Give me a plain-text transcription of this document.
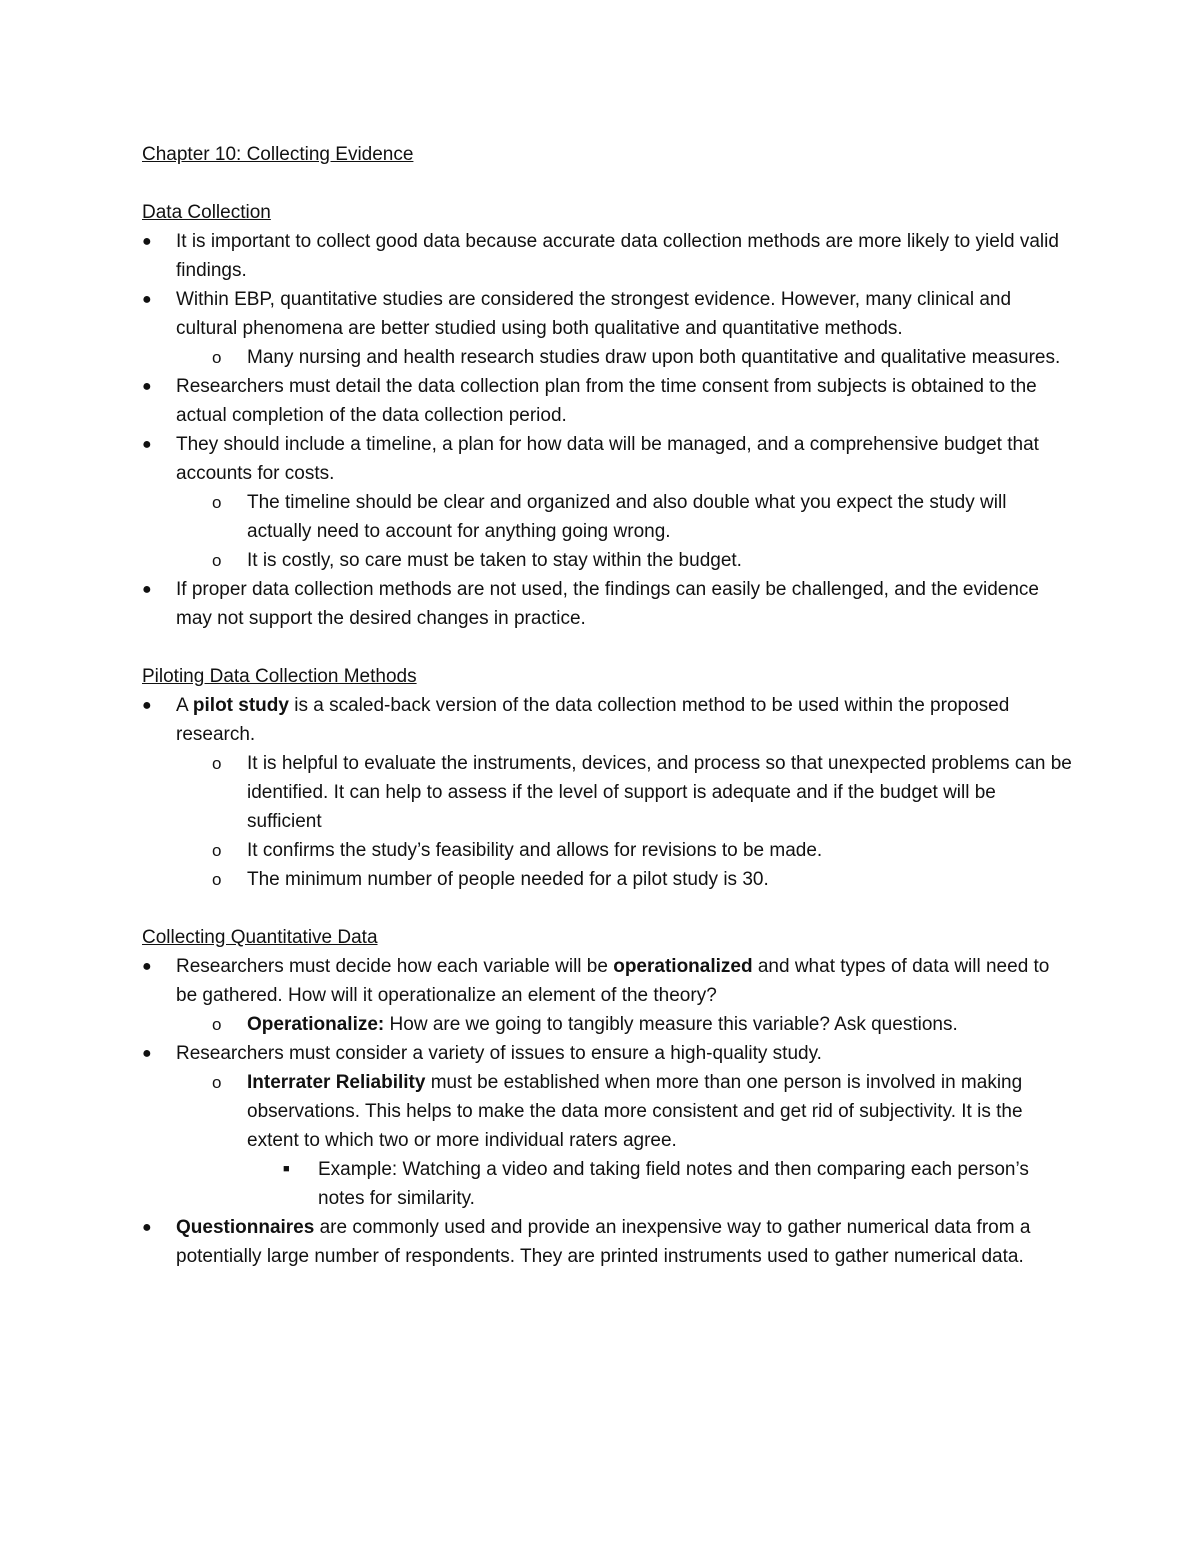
Chapter 10: Collecting Evidence

Data Collection

● It is important to collect good data because accurate data collection methods are more likely to yield valid findings.

● Within EBP, quantitative studies are considered the strongest evidence. However, many clinical and cultural phenomena are better studied using both qualitative and quantitative methods.

o Many nursing and health research studies draw upon both quantitative and qualitative measures.

● Researchers must detail the data collection plan from the time consent from subjects is obtained to the actual completion of the data collection period.

● They should include a timeline, a plan for how data will be managed, and a comprehensive budget that accounts for costs.

o The timeline should be clear and organized and also double what you expect the study will actually need to account for anything going wrong.

o It is costly, so care must be taken to stay within the budget.

● If proper data collection methods are not used, the findings can easily be challenged, and the evidence may not support the desired changes in practice.

Piloting Data Collection Methods

● A pilot study is a scaled-back version of the data collection method to be used within the proposed research.

o It is helpful to evaluate the instruments, devices, and process so that unexpected problems can be identified. It can help to assess if the level of support is adequate and if the budget will be sufficient

o It confirms the study’s feasibility and allows for revisions to be made.

o The minimum number of people needed for a pilot study is 30.

Collecting Quantitative Data

● Researchers must decide how each variable will be operationalized and what types of data will need to be gathered. How will it operationalize an element of the theory?

o Operationalize: How are we going to tangibly measure this variable? Ask questions.

● Researchers must consider a variety of issues to ensure a high-quality study.

o Interrater Reliability must be established when more than one person is involved in making observations. This helps to make the data more consistent and get rid of subjectivity. It is the extent to which two or more individual raters agree.

■ Example: Watching a video and taking field notes and then comparing each person’s notes for similarity.

● Questionnaires are commonly used and provide an inexpensive way to gather numerical data from a potentially large number of respondents. They are printed instruments used to gather numerical data.
